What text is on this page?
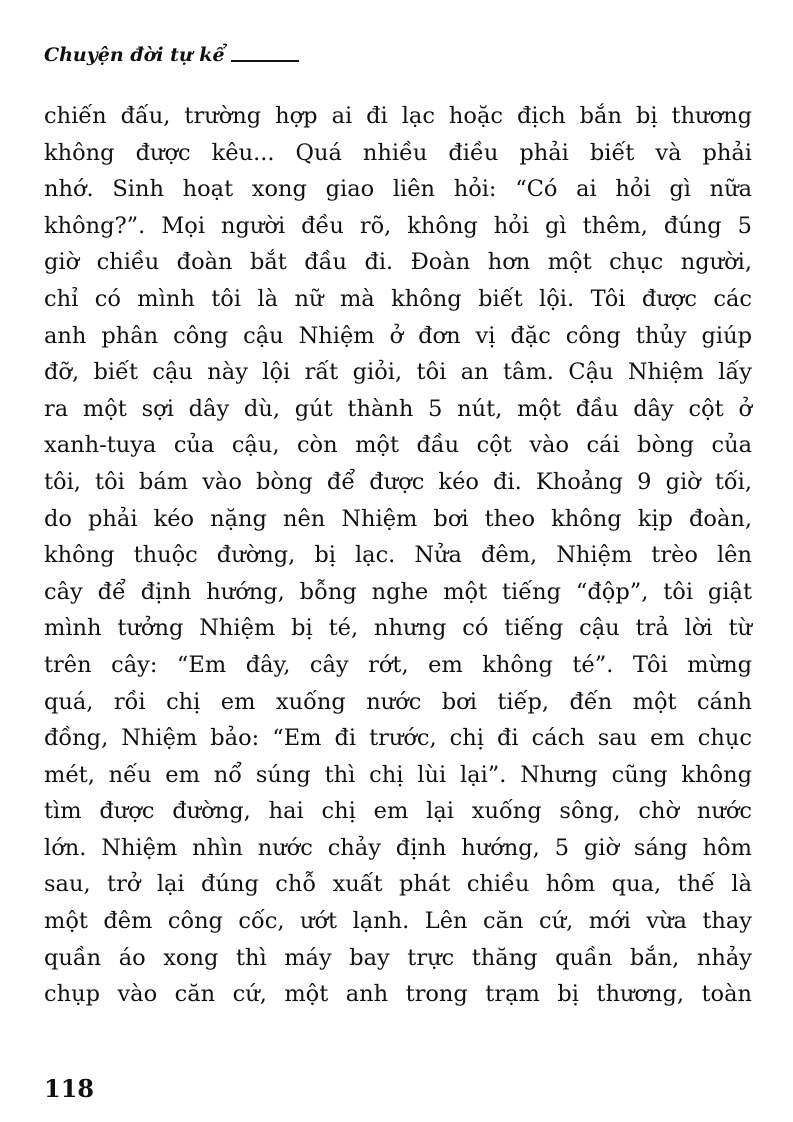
Chuyện đời tự kể
chiến đấu, trường hợp ai đi lạc hoặc địch bắn bị thương
không được kêu... Quá nhiều điều phải biết và phải
nhớ. Sinh hoạt xong giao liên hỏi: “Có ai hỏi gì nữa
không?”. Mọi người đều rõ, không hỏi gì thêm, đúng 5
giờ chiều đoàn bắt đầu đi. Đoàn hơn một chục người,
chỉ có mình tôi là nữ mà không biết lội. Tôi được các
anh phân công cậu Nhiệm ở đơn vị đặc công thủy giúp
đỡ, biết cậu này lội rất giỏi, tôi an tâm. Cậu Nhiệm lấy
ra một sợi dây dù, gút thành 5 nút, một đầu dây cột ở
xanh-tuya của cậu, còn một đầu cột vào cái bòng của
tôi, tôi bám vào bòng để được kéo đi. Khoảng 9 giờ tối,
do phải kéo nặng nên Nhiệm bơi theo không kịp đoàn,
không thuộc đường, bị lạc. Nửa đêm, Nhiệm trèo lên
cây để định hướng, bỗng nghe một tiếng “độp”, tôi giật
mình tưởng Nhiệm bị té, nhưng có tiếng cậu trả lời từ
trên cây: “Em đây, cây rớt, em không té”. Tôi mừng
quá, rồi chị em xuống nước bơi tiếp, đến một cánh
đồng, Nhiệm bảo: “Em đi trước, chị đi cách sau em chục
mét, nếu em nổ súng thì chị lùi lại”. Nhưng cũng không
tìm được đường, hai chị em lại xuống sông, chờ nước
lớn. Nhiệm nhìn nước chảy định hướng, 5 giờ sáng hôm
sau, trở lại đúng chỗ xuất phát chiều hôm qua, thế là
một đêm công cốc, ướt lạnh. Lên căn cứ, mới vừa thay
quần áo xong thì máy bay trực thăng quần bắn, nhảy
chụp vào căn cứ, một anh trong trạm bị thương, toàn
118
